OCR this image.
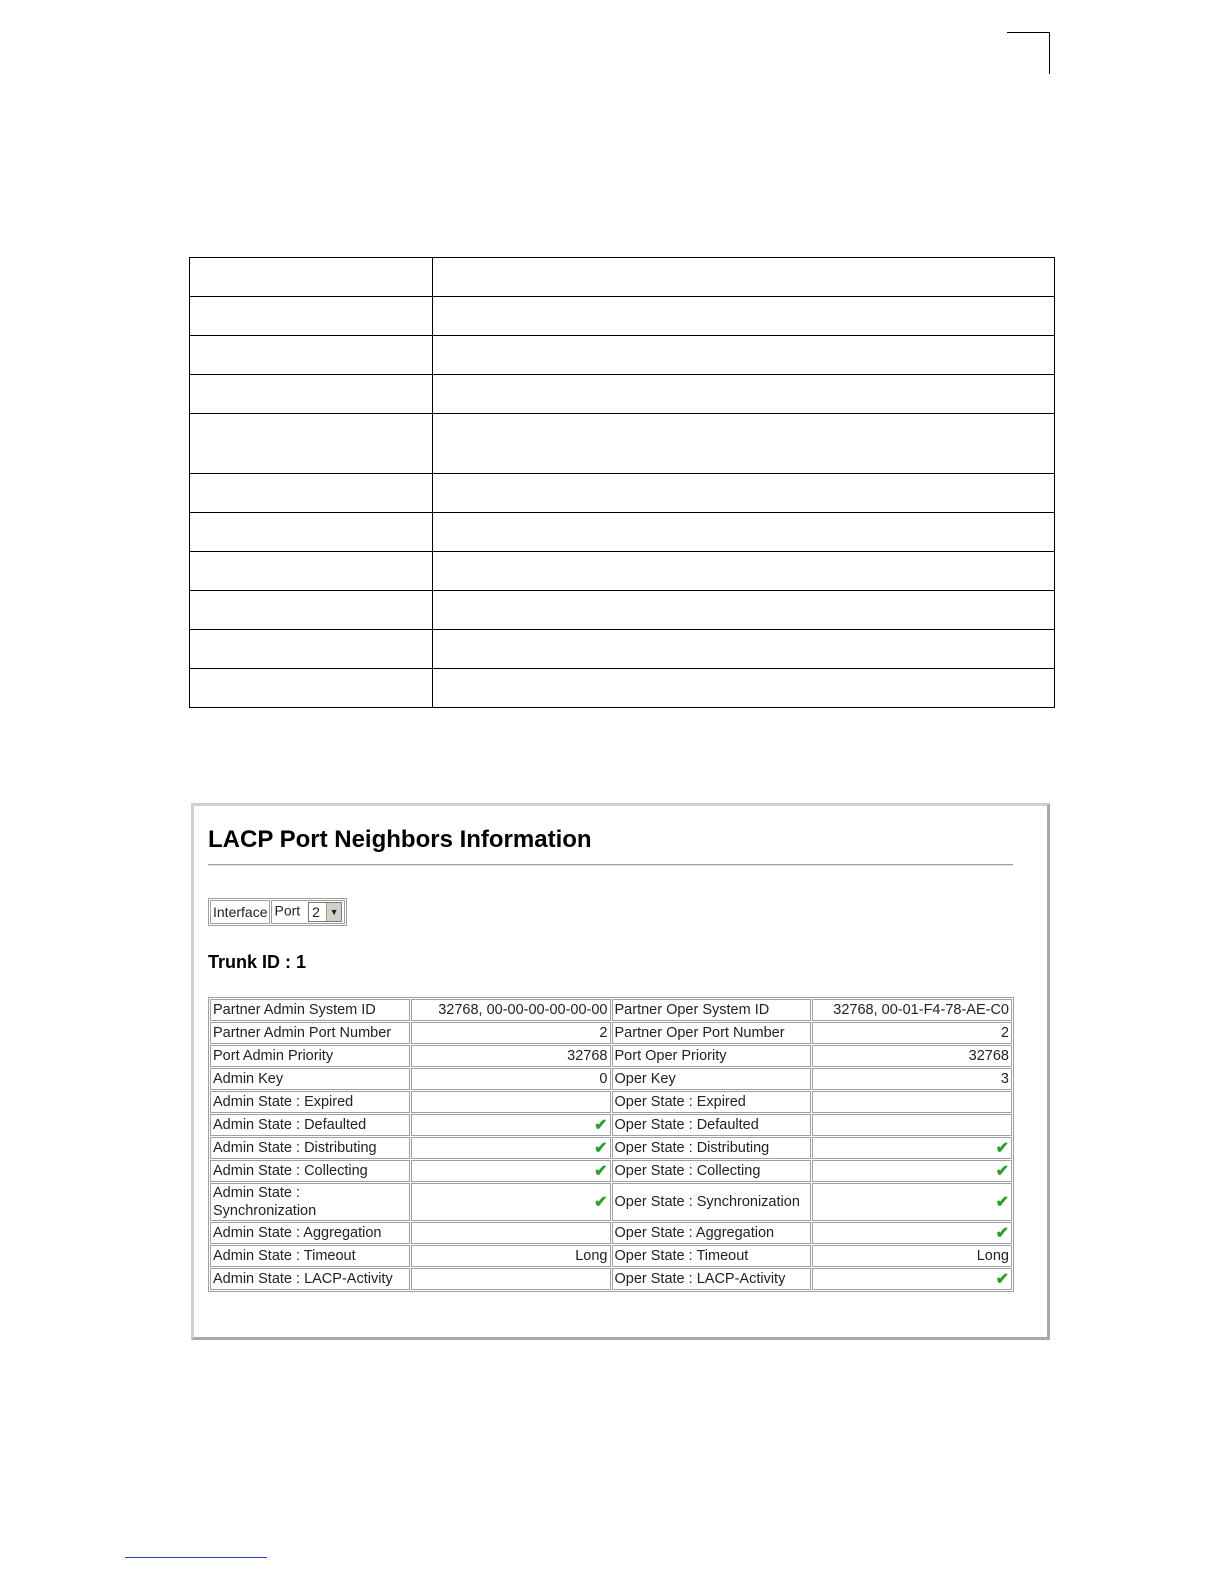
LACP Port Neighbors Information
Interface	Port 2	▼
Trunk ID : 1
Partner Admin System ID	32768, 00-00-00-00-00-00	Partner Oper System ID	32768, 00-01-F4-78-AE-C0
Partner Admin Port Number	2	Partner Oper Port Number	2
Port Admin Priority	32768	Port Oper Priority	32768
Admin Key	0	Oper Key	3
Admin State : Expired		Oper State : Expired	
Admin State : Defaulted	✔	Oper State : Defaulted	
Admin State : Distributing	✔	Oper State : Distributing	✔
Admin State : Collecting	✔	Oper State : Collecting	✔
Admin State : Synchronization	✔	Oper State : Synchronization	✔
Admin State : Aggregation		Oper State : Aggregation	✔
Admin State : Timeout	Long	Oper State : Timeout	Long
Admin State : LACP-Activity		Oper State : LACP-Activity	✔
